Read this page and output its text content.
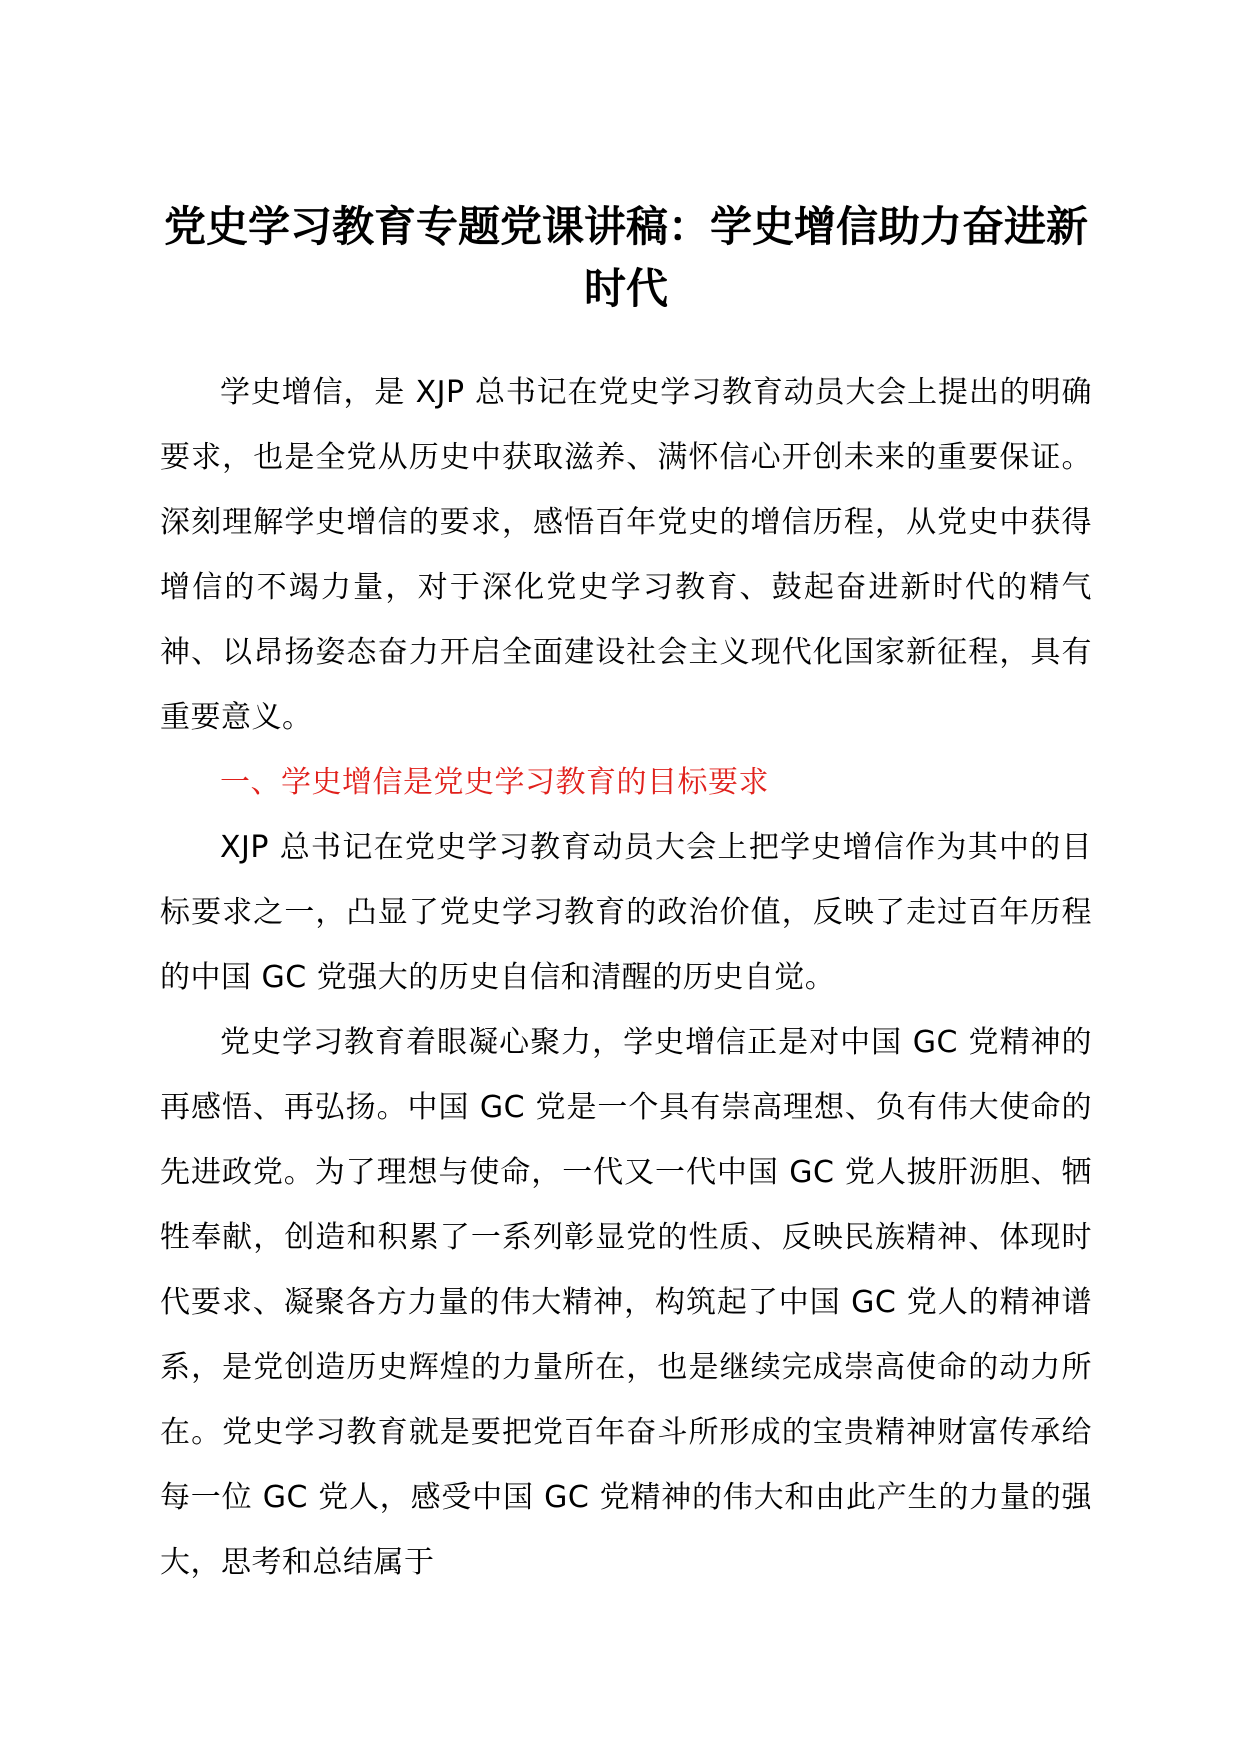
党史学习教育专题党课讲稿：学史增信助力奋进新时代

学史增信，是 XJP 总书记在党史学习教育动员大会上提出的明确要求，也是全党从历史中获取滋养、满怀信心开创未来的重要保证。深刻理解学史增信的要求，感悟百年党史的增信历程，从党史中获得增信的不竭力量，对于深化党史学习教育、鼓起奋进新时代的精气神、以昂扬姿态奋力开启全面建设社会主义现代化国家新征程，具有重要意义。

一、学史增信是党史学习教育的目标要求

XJP 总书记在党史学习教育动员大会上把学史增信作为其中的目标要求之一，凸显了党史学习教育的政治价值，反映了走过百年历程的中国 GC 党强大的历史自信和清醒的历史自觉。

党史学习教育着眼凝心聚力，学史增信正是对中国 GC 党精神的再感悟、再弘扬。中国 GC 党是一个具有崇高理想、负有伟大使命的先进政党。为了理想与使命，一代又一代中国 GC 党人披肝沥胆、牺牲奉献，创造和积累了一系列彰显党的性质、反映民族精神、体现时代要求、凝聚各方力量的伟大精神，构筑起了中国 GC 党人的精神谱系，是党创造历史辉煌的力量所在，也是继续完成崇高使命的动力所在。党史学习教育就是要把党百年奋斗所形成的宝贵精神财富传承给每一位 GC 党人，感受中国 GC 党精神的伟大和由此产生的力量的强大，思考和总结属于
